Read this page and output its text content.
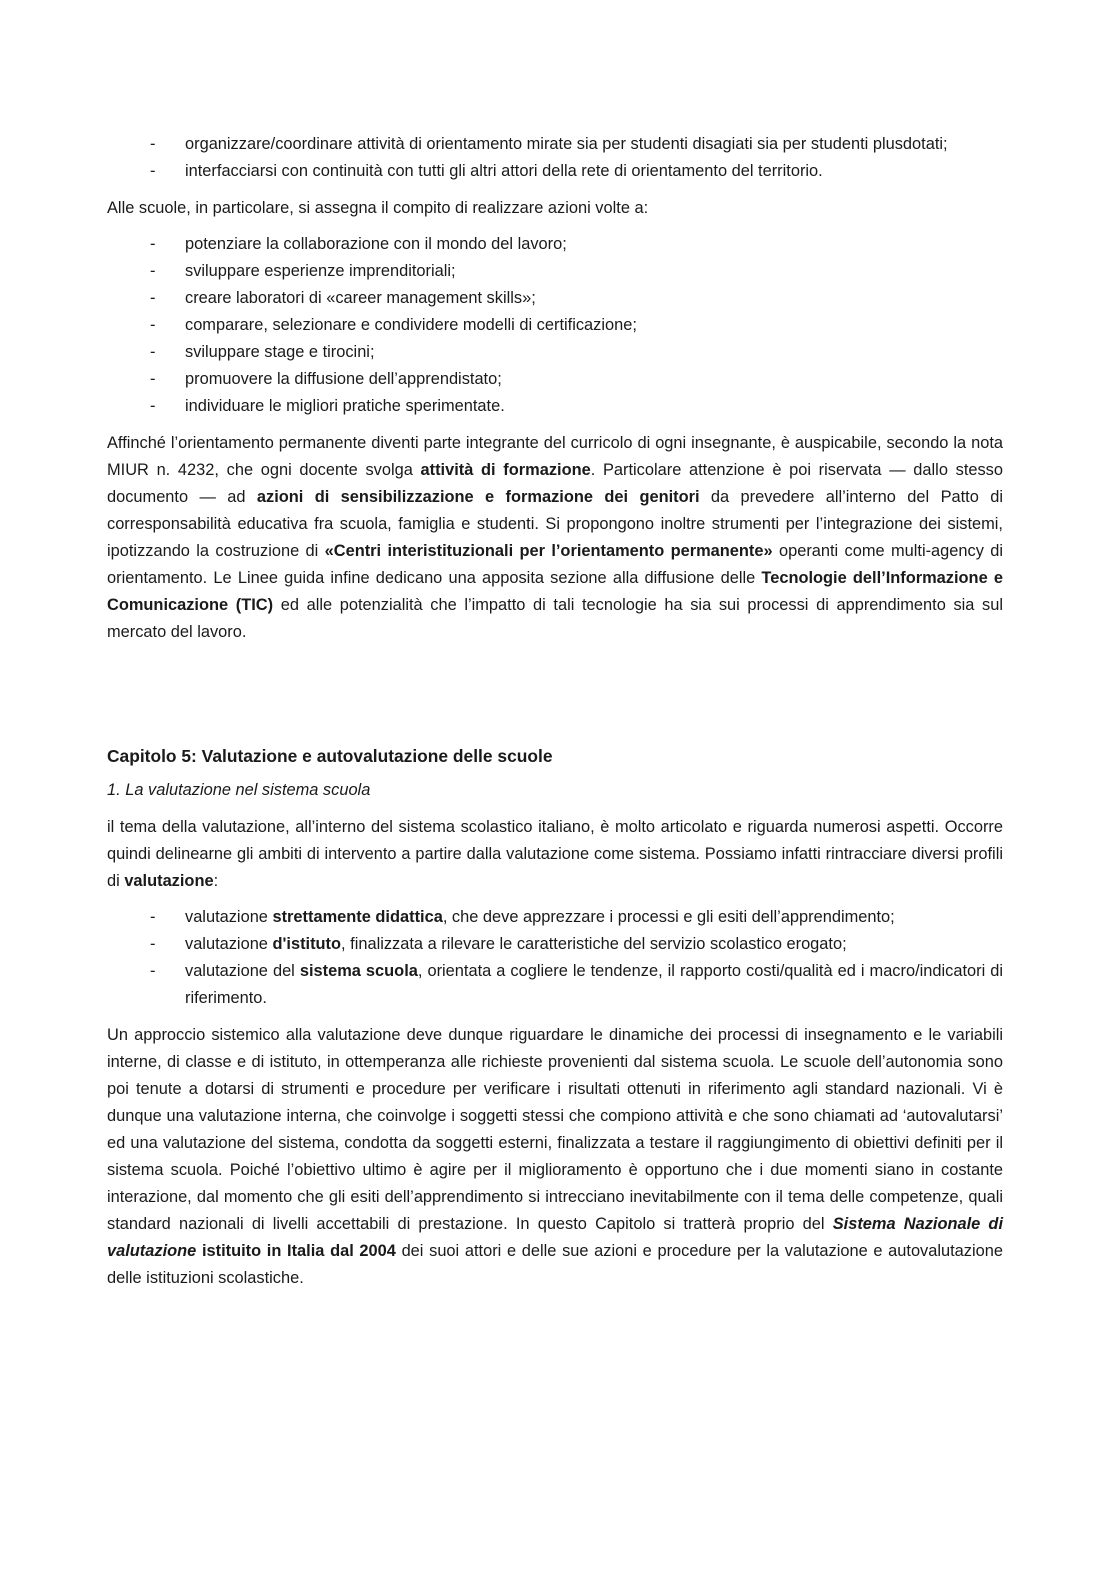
- organizzare/coordinare attività di orientamento mirate sia per studenti disagiati sia per studenti plusdotati;
- interfacciarsi con continuità con tutti gli altri attori della rete di orientamento del territorio.

Alle scuole, in particolare, si assegna il compito di realizzare azioni volte a:

- potenziare la collaborazione con il mondo del lavoro;
- sviluppare esperienze imprenditoriali;
- creare laboratori di «career management skills»;
- comparare, selezionare e condividere modelli di certificazione;
- sviluppare stage e tirocini;
- promuovere la diffusione dell’apprendistato;
- individuare le migliori pratiche sperimentate.

Affinché l’orientamento permanente diventi parte integrante del curricolo di ogni insegnante, è auspicabile, secondo la nota MIUR n. 4232, che ogni docente svolga attività di formazione. Particolare attenzione è poi riservata — dallo stesso documento — ad azioni di sensibilizzazione e formazione dei genitori da prevedere all’interno del Patto di corresponsabilità educativa fra scuola, famiglia e studenti. Si propongono inoltre strumenti per l’integrazione dei sistemi, ipotizzando la costruzione di «Centri interistituzionali per l’orientamento permanente» operanti come multi-agency di orientamento. Le Linee guida infine dedicano una apposita sezione alla diffusione delle Tecnologie dell’Informazione e Comunicazione (TIC) ed alle potenzialità che l’impatto di tali tecnologie ha sia sui processi di apprendimento sia sul mercato del lavoro.

Capitolo 5: Valutazione e autovalutazione delle scuole

1. La valutazione nel sistema scuola

il tema della valutazione, all’interno del sistema scolastico italiano, è molto articolato e riguarda numerosi aspetti. Occorre quindi delinearne gli ambiti di intervento a partire dalla valutazione come sistema. Possiamo infatti rintracciare diversi profili di valutazione:

- valutazione strettamente didattica, che deve apprezzare i processi e gli esiti dell’apprendimento;
- valutazione d'istituto, finalizzata a rilevare le caratteristiche del servizio scolastico erogato;
- valutazione del sistema scuola, orientata a cogliere le tendenze, il rapporto costi/qualità ed i macro/indicatori di riferimento.

Un approccio sistemico alla valutazione deve dunque riguardare le dinamiche dei processi di insegnamento e le variabili interne, di classe e di istituto, in ottemperanza alle richieste provenienti dal sistema scuola. Le scuole dell’autonomia sono poi tenute a dotarsi di strumenti e procedure per verificare i risultati ottenuti in riferimento agli standard nazionali. Vi è dunque una valutazione interna, che coinvolge i soggetti stessi che compiono attività e che sono chiamati ad ‘autovalutarsi’ ed una valutazione del sistema, condotta da soggetti esterni, finalizzata a testare il raggiungimento di obiettivi definiti per il sistema scuola. Poiché l’obiettivo ultimo è agire per il miglioramento è opportuno che i due momenti siano in costante interazione, dal momento che gli esiti dell’apprendimento si intrecciano inevitabilmente con il tema delle competenze, quali standard nazionali di livelli accettabili di prestazione. In questo Capitolo si tratterà proprio del Sistema Nazionale di valutazione istituito in Italia dal 2004 dei suoi attori e delle sue azioni e procedure per la valutazione e autovalutazione delle istituzioni scolastiche.
